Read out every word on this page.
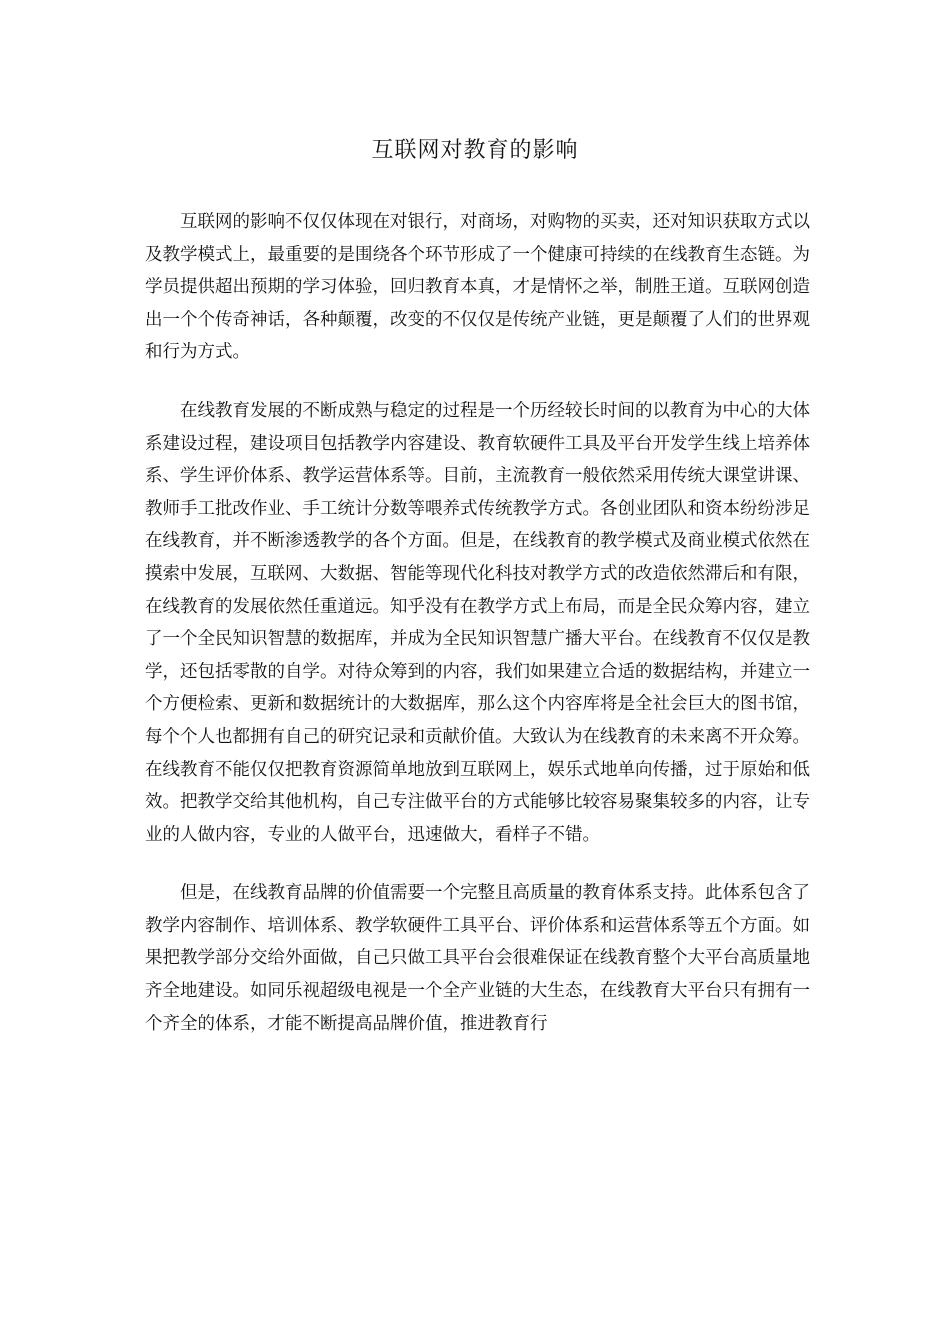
互联网对教育的影响

互联网的影响不仅仅体现在对银行，对商场，对购物的买卖，还对知识获取方式以及教学模式上，最重要的是围绕各个环节形成了一个健康可持续的在线教育生态链。为学员提供超出预期的学习体验，回归教育本真，才是情怀之举，制胜王道。互联网创造出一个个传奇神话，各种颠覆，改变的不仅仅是传统产业链，更是颠覆了人们的世界观和行为方式。

在线教育发展的不断成熟与稳定的过程是一个历经较长时间的以教育为中心的大体系建设过程，建设项目包括教学内容建设、教育软硬件工具及平台开发学生线上培养体系、学生评价体系、教学运营体系等。目前，主流教育一般依然采用传统大课堂讲课、教师手工批改作业、手工统计分数等喂养式传统教学方式。各创业团队和资本纷纷涉足在线教育，并不断渗透教学的各个方面。但是，在线教育的教学模式及商业模式依然在摸索中发展，互联网、大数据、智能等现代化科技对教学方式的改造依然滞后和有限，在线教育的发展依然任重道远。知乎没有在教学方式上布局，而是全民众筹内容，建立了一个全民知识智慧的数据库，并成为全民知识智慧广播大平台。在线教育不仅仅是教学，还包括零散的自学。对待众筹到的内容，我们如果建立合适的数据结构，并建立一个方便检索、更新和数据统计的大数据库，那么这个内容库将是全社会巨大的图书馆，每个个人也都拥有自己的研究记录和贡献价值。大致认为在线教育的未来离不开众筹。在线教育不能仅仅把教育资源简单地放到互联网上，娱乐式地单向传播，过于原始和低效。把教学交给其他机构，自己专注做平台的方式能够比较容易聚集较多的内容，让专业的人做内容，专业的人做平台，迅速做大，看样子不错。

但是，在线教育品牌的价值需要一个完整且高质量的教育体系支持。此体系包含了教学内容制作、培训体系、教学软硬件工具平台、评价体系和运营体系等五个方面。如果把教学部分交给外面做，自己只做工具平台会很难保证在线教育整个大平台高质量地齐全地建设。如同乐视超级电视是一个全产业链的大生态，在线教育大平台只有拥有一个齐全的体系，才能不断提高品牌价值，推进教育行
